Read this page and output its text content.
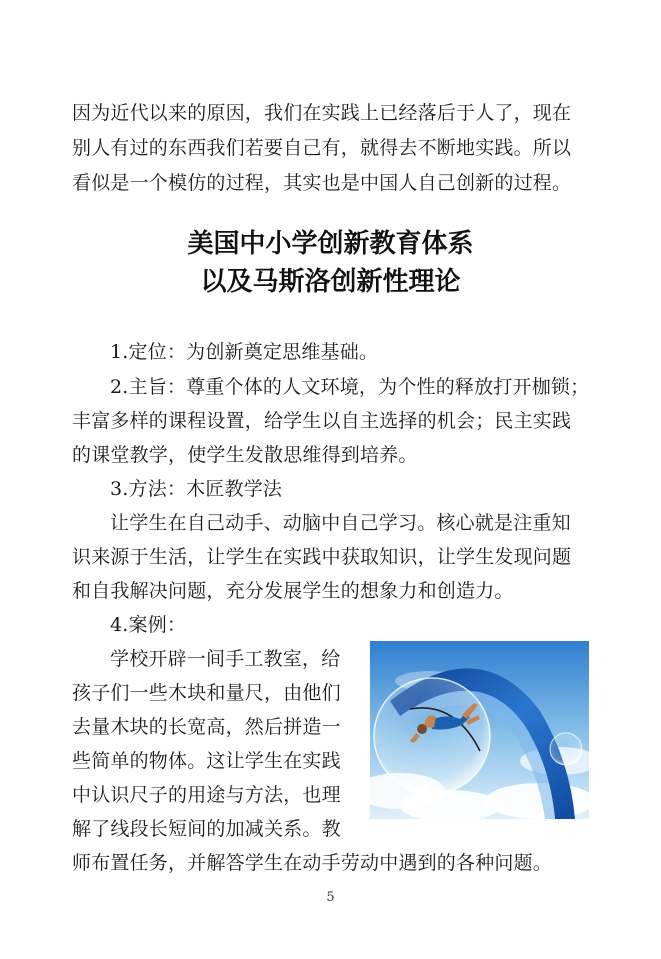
因为近代以来的原因，我们在实践上已经落后于人了，现在
别人有过的东西我们若要自己有，就得去不断地实践。所以
看似是一个模仿的过程，其实也是中国人自己创新的过程。
美国中小学创新教育体系
以及马斯洛创新性理论
1.定位：为创新奠定思维基础。
2.主旨：尊重个体的人文环境，为个性的释放打开枷锁；
丰富多样的课程设置，给学生以自主选择的机会；民主实践
的课堂教学，使学生发散思维得到培养。
3.方法：木匠教学法
让学生在自己动手、动脑中自己学习。核心就是注重知
识来源于生活，让学生在实践中获取知识，让学生发现问题
和自我解决问题，充分发展学生的想象力和创造力。
4.案例：
学校开辟一间手工教室，给
孩子们一些木块和量尺，由他们
去量木块的长宽高，然后拼造一
些简单的物体。这让学生在实践
中认识尺子的用途与方法，也理
解了线段长短间的加减关系。教
师布置任务，并解答学生在动手劳动中遇到的各种问题。
5
